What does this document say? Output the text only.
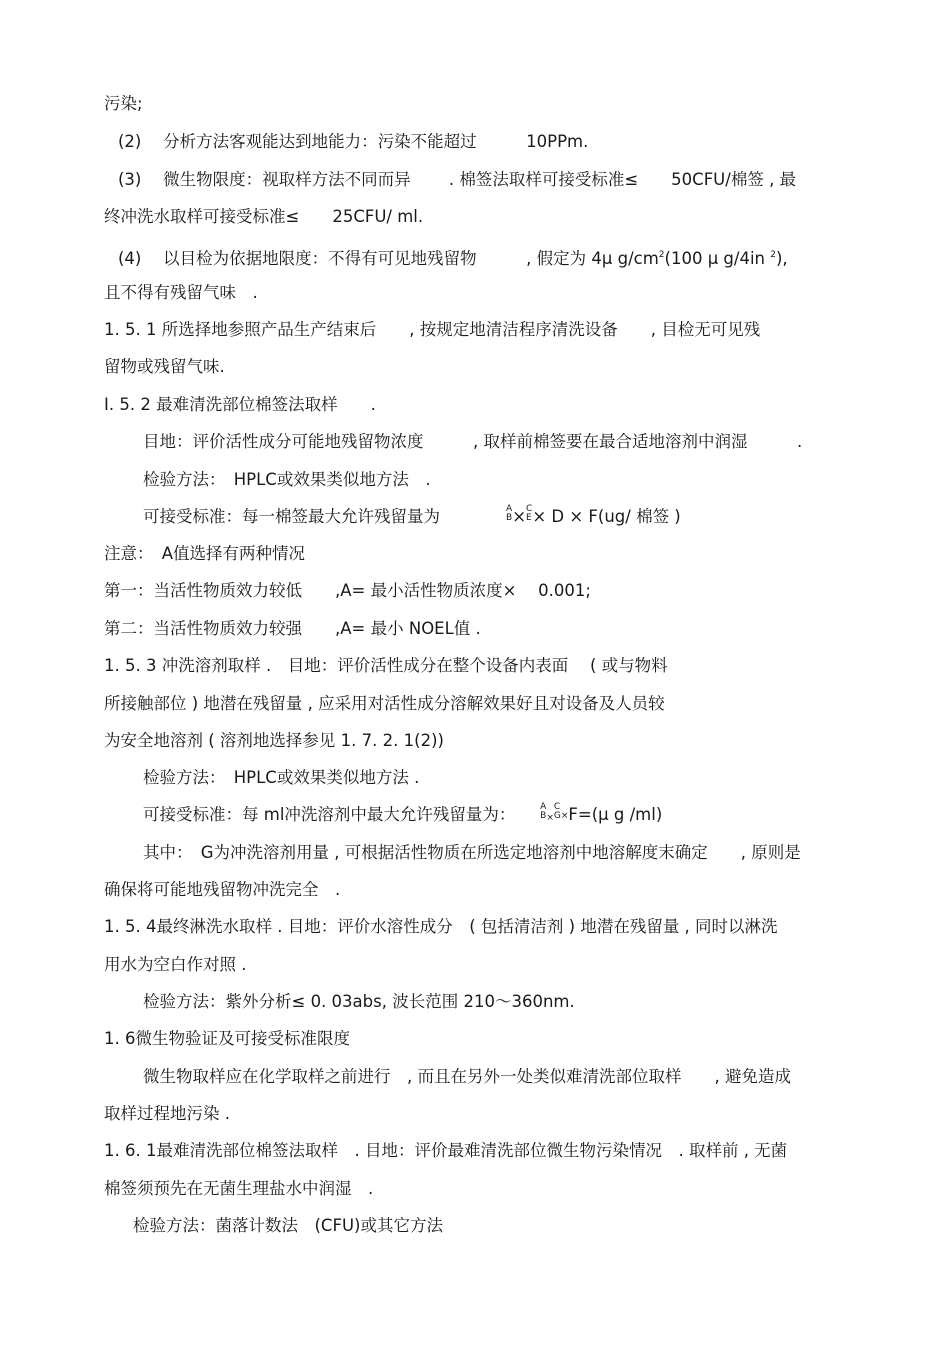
污染;
(2)　 分析方法客观能达到地能力：污染不能超过　　　10PPm.
(3)　 微生物限度：视取样方法不同而异　　 . 棉签法取样可接受标准≤　　50CFU/棉签 , 最
终冲洗水取样可接受标准≤　　25CFU/ ml.
(4)　 以目检为依据地限度：不得有可见地残留物　　　, 假定为 4μ $g/cm^2(100$ μ g/4in $^2$),
且不得有残留气味　.
1. 5. 1 所选择地参照产品生产结束后　　, 按规定地清洁程序清洗设备　　, 目检无可见残
留物或残留气味.
I. 5. 2 最难清洗部位棉签法取样　　.
目地：评价活性成分可能地残留物浓度　　　, 取样前棉签要在最合适地溶剂中润湿　　　.
检验方法：　HPLC或效果类似地方法　.
可接受标准：每一棉签最大允许残留量为　　　　A
B×C
E× D × F(ug/ 棉签 )
注意：　A值选择有两种情况
第一：当活性物质效力较低　　,A= 最小活性物质浓度×　 0.001;
第二：当活性物质效力较强　　,A= 最小 NOEL值 .
1. 5. 3 冲洗溶剂取样 .　目地：评价活性成分在整个设备内表面　 ( 或与物料
所接触部位 ) 地潜在残留量 , 应采用对活性成分溶解效果好且对设备及人员较
为安全地溶剂 ( 溶剂地选择参见 1. 7. 2. 1(2))
检验方法：　HPLC或效果类似地方法 .
可接受标准：每 ml冲洗溶剂中最大允许残留量为：　　A
B×C
G×F=(μ g /ml)
其中：　G为冲洗溶剂用量 , 可根据活性物质在所选定地溶剂中地溶解度末确定　　, 原则是
确保将可能地残留物冲洗完全　.
1. 5. 4最终淋洗水取样 . 目地：评价水溶性成分　( 包括清洁剂 ) 地潜在残留量 , 同时以淋洗
用水为空白作对照 .
检验方法：紫外分析≤ 0. 03abs, 波长范围 210～360nm.
1. 6微生物验证及可接受标准限度
微生物取样应在化学取样之前进行　, 而且在另外一处类似难清洗部位取样　　, 避免造成
取样过程地污染 .
1. 6. 1最难清洗部位棉签法取样　. 目地：评价最难清洗部位微生物污染情况　. 取样前 , 无菌
棉签须预先在无菌生理盐水中润湿　.
检验方法：菌落计数法　(CFU)或其它方法
